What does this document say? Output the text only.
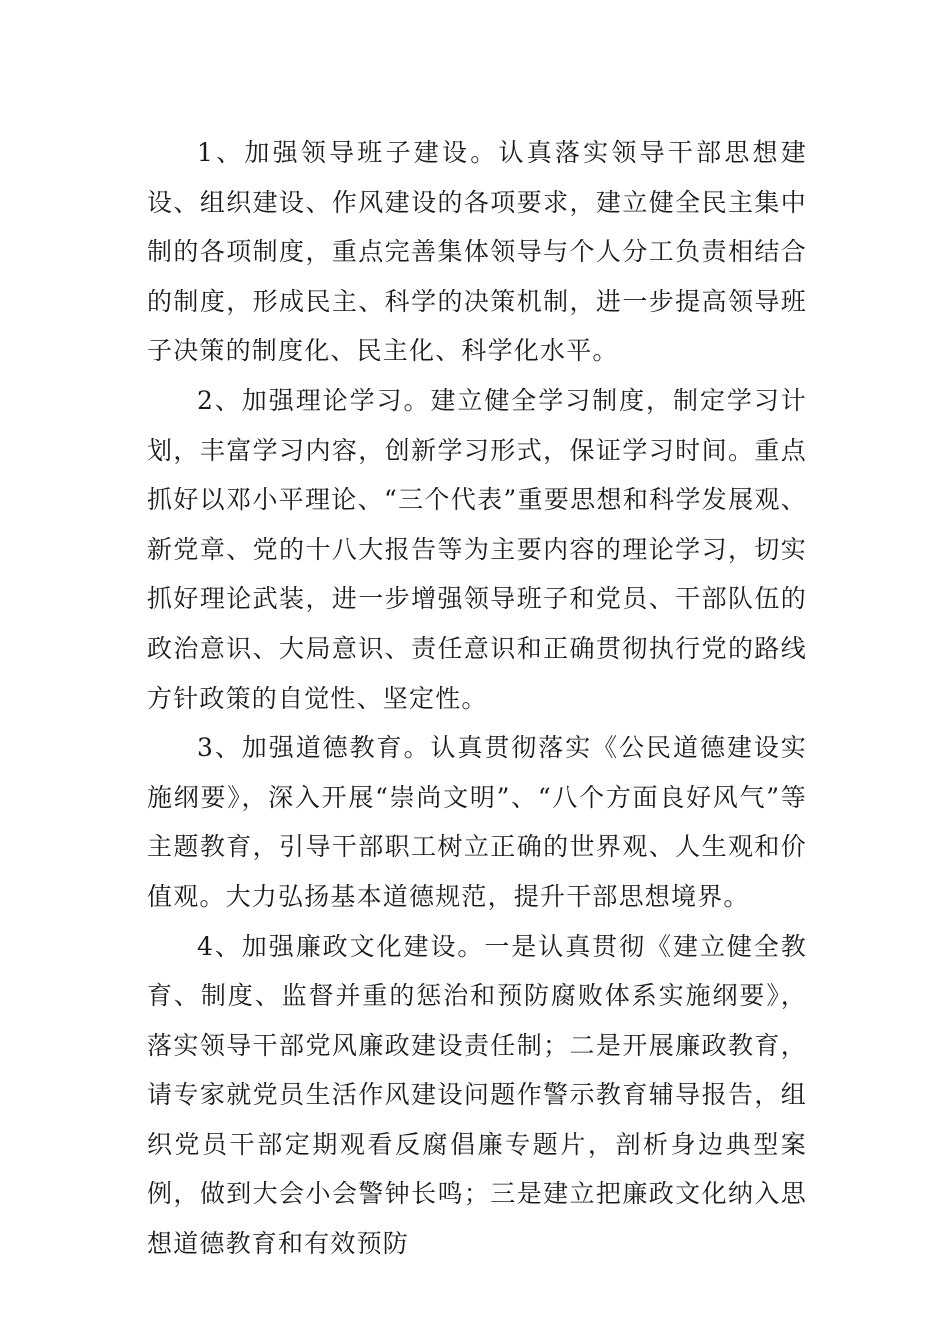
1、加强领导班子建设。认真落实领导干部思想建设、组织建设、作风建设的各项要求，建立健全民主集中制的各项制度，重点完善集体领导与个人分工负责相结合的制度，形成民主、科学的决策机制，进一步提高领导班子决策的制度化、民主化、科学化水平。

2、加强理论学习。建立健全学习制度，制定学习计划，丰富学习内容，创新学习形式，保证学习时间。重点抓好以邓小平理论、“三个代表”重要思想和科学发展观、新党章、党的十八大报告等为主要内容的理论学习，切实抓好理论武装，进一步增强领导班子和党员、干部队伍的政治意识、大局意识、责任意识和正确贯彻执行党的路线方针政策的自觉性、坚定性。

3、加强道德教育。认真贯彻落实《公民道德建设实施纲要》，深入开展“崇尚文明”、“八个方面良好风气”等主题教育，引导干部职工树立正确的世界观、人生观和价值观。大力弘扬基本道德规范，提升干部思想境界。

4、加强廉政文化建设。一是认真贯彻《建立健全教育、制度、监督并重的惩治和预防腐败体系实施纲要》，落实领导干部党风廉政建设责任制；二是开展廉政教育，请专家就党员生活作风建设问题作警示教育辅导报告，组织党员干部定期观看反腐倡廉专题片，剖析身边典型案例，做到大会小会警钟长鸣；三是建立把廉政文化纳入思想道德教育和有效预防
